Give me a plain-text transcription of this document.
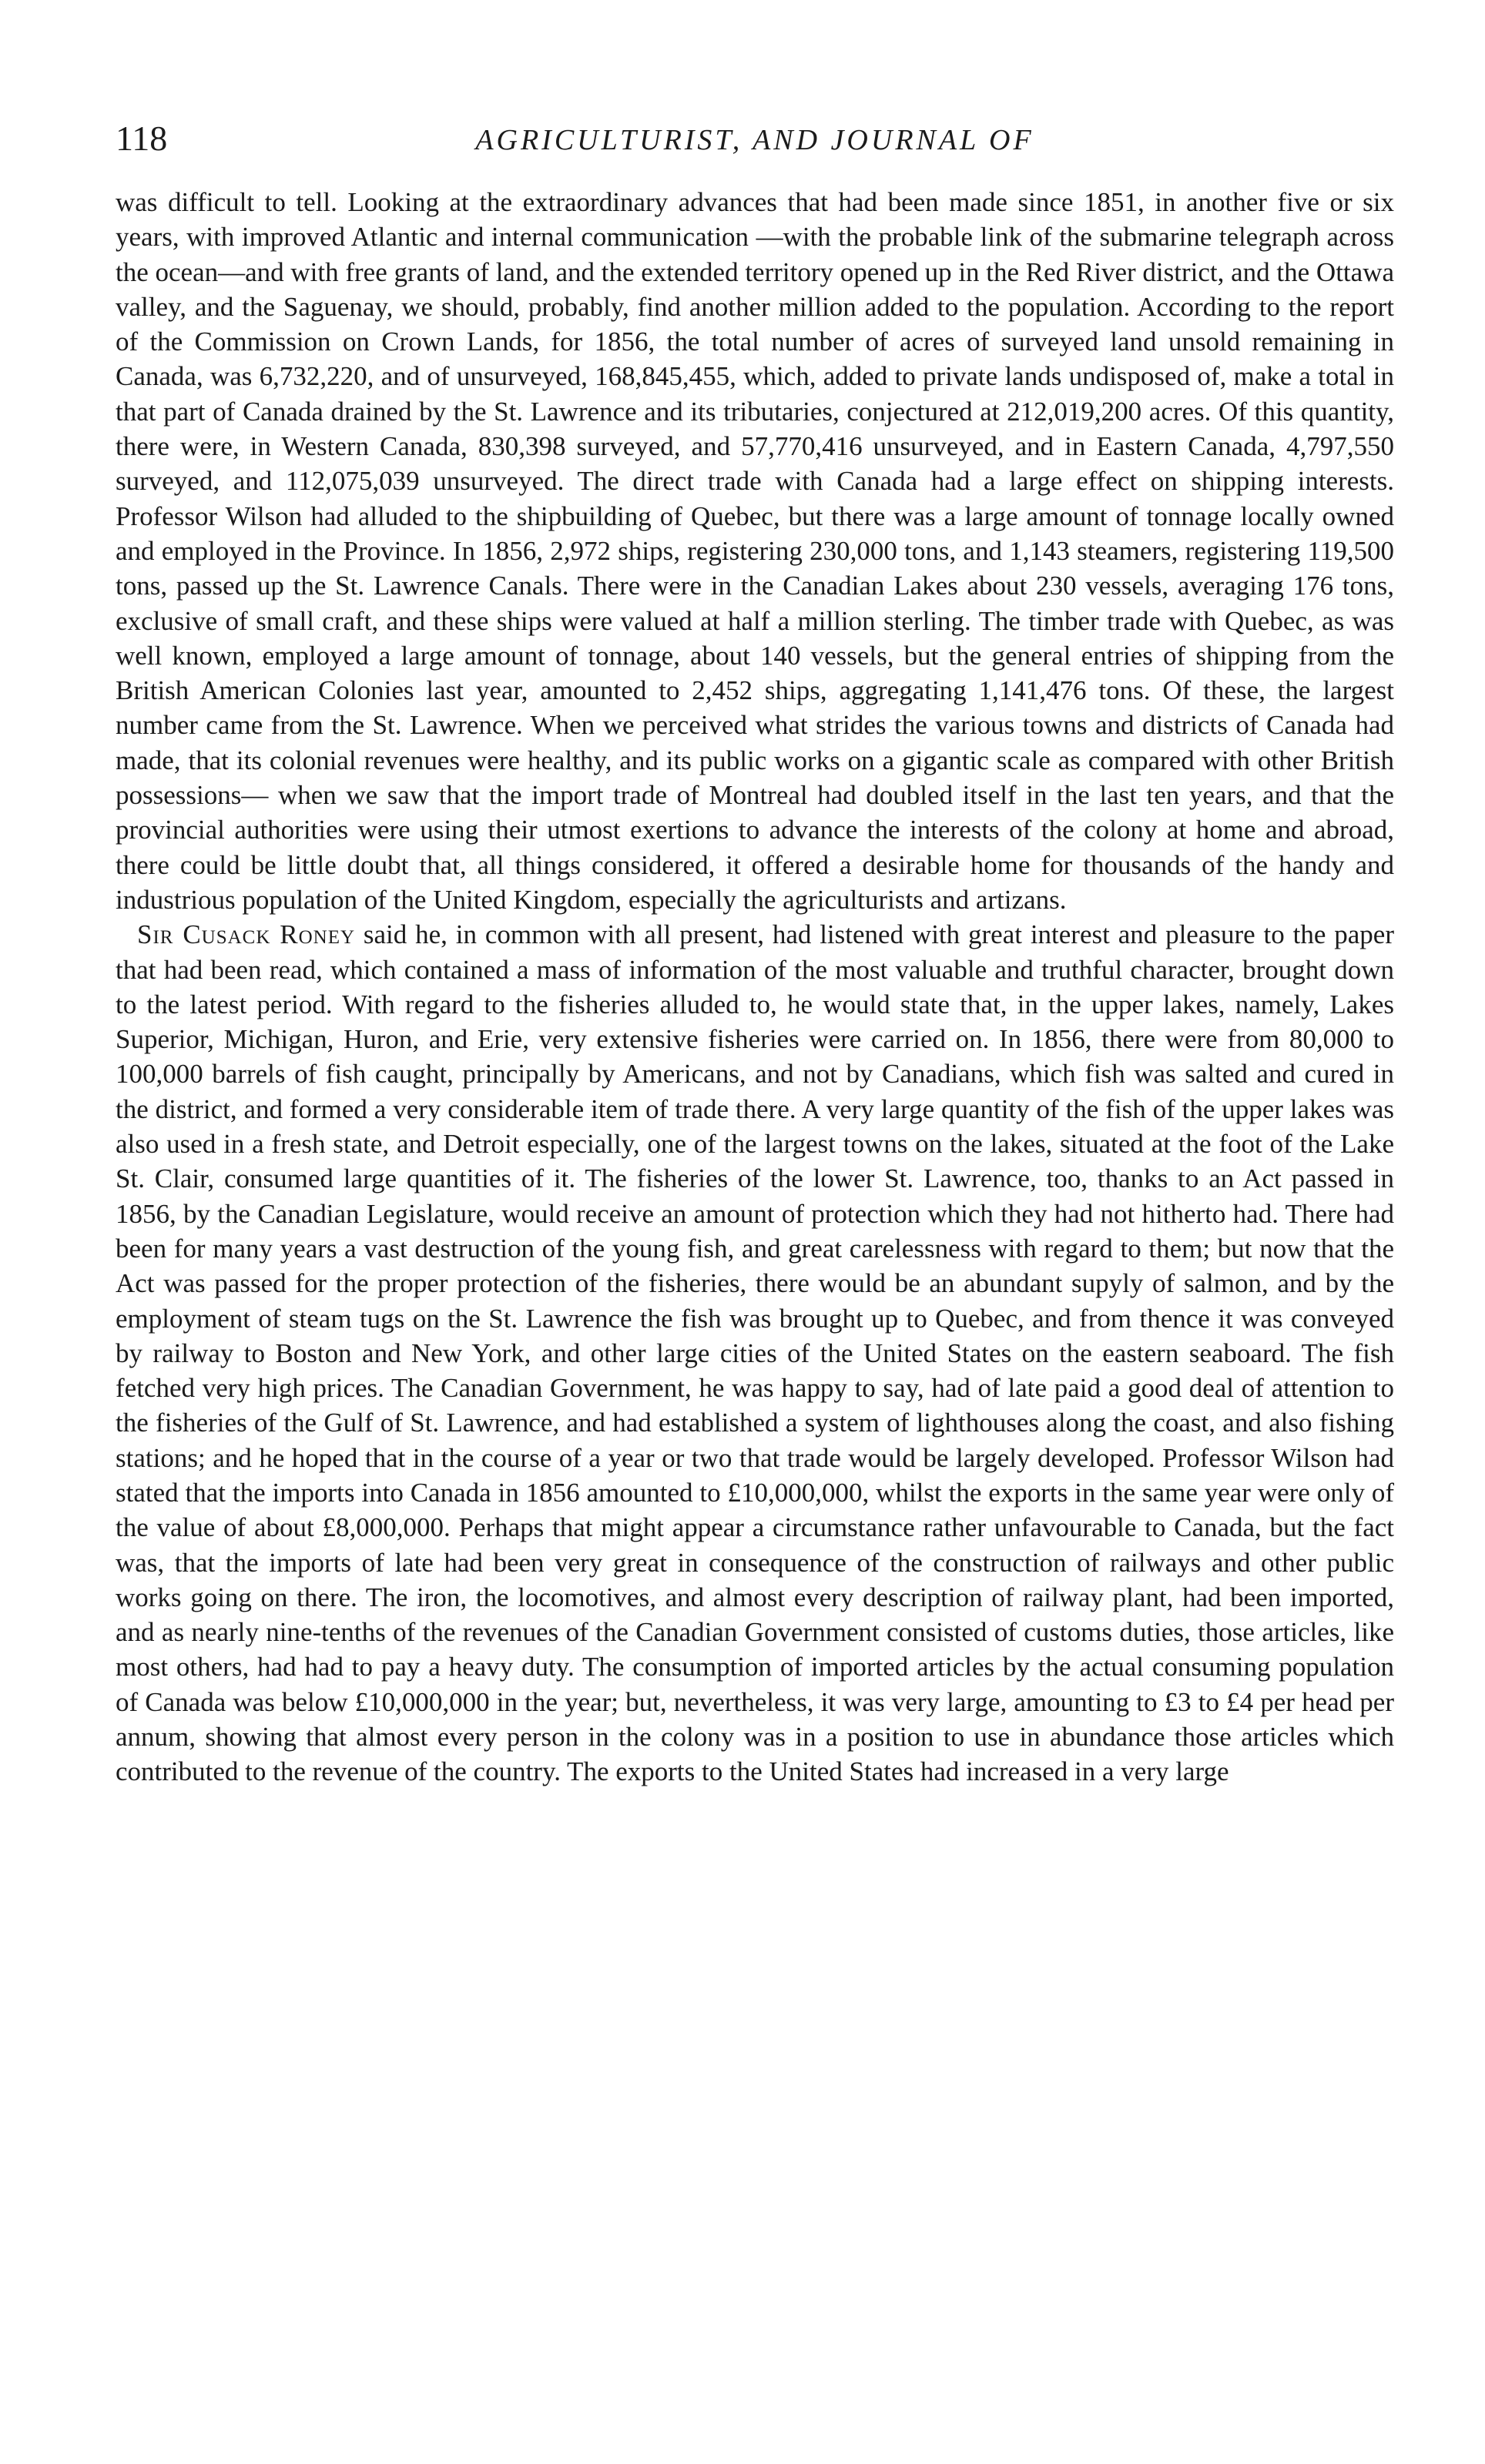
118	AGRICULTURIST, AND JOURNAL OF

was difficult to tell. Looking at the extraordinary advances that had been made since 1851, in another five or six years, with improved Atlantic and internal communication —with the probable link of the submarine telegraph across the ocean—and with free grants of land, and the extended territory opened up in the Red River district, and the Ottawa valley, and the Saguenay, we should, probably, find another million added to the population. According to the report of the Commission on Crown Lands, for 1856, the total number of acres of surveyed land unsold remaining in Canada, was 6,732,220, and of unsurveyed, 168,845,455, which, added to private lands undisposed of, make a total in that part of Canada drained by the St. Lawrence and its tributaries, conjectured at 212,019,200 acres. Of this quantity, there were, in Western Canada, 830,398 surveyed, and 57,770,416 unsurveyed, and in Eastern Canada, 4,797,550 surveyed, and 112,075,039 unsurveyed. The direct trade with Canada had a large effect on shipping interests. Professor Wilson had alluded to the shipbuilding of Quebec, but there was a large amount of tonnage locally owned and employed in the Province. In 1856, 2,972 ships, registering 230,000 tons, and 1,143 steamers, registering 119,500 tons, passed up the St. Lawrence Canals. There were in the Canadian Lakes about 230 vessels, averaging 176 tons, exclusive of small craft, and these ships were valued at half a million sterling. The timber trade with Quebec, as was well known, employed a large amount of tonnage, about 140 vessels, but the general entries of shipping from the British American Colonies last year, amounted to 2,452 ships, aggregating 1,141,476 tons. Of these, the largest number came from the St. Lawrence. When we perceived what strides the various towns and districts of Canada had made, that its colonial revenues were healthy, and its public works on a gigantic scale as compared with other British possessions— when we saw that the import trade of Montreal had doubled itself in the last ten years, and that the provincial authorities were using their utmost exertions to advance the interests of the colony at home and abroad, there could be little doubt that, all things considered, it offered a desirable home for thousands of the handy and industrious population of the United Kingdom, especially the agriculturists and artizans.

Sir Cusack Roney said he, in common with all present, had listened with great interest and pleasure to the paper that had been read, which contained a mass of information of the most valuable and truthful character, brought down to the latest period. With regard to the fisheries alluded to, he would state that, in the upper lakes, namely, Lakes Superior, Michigan, Huron, and Erie, very extensive fisheries were carried on. In 1856, there were from 80,000 to 100,000 barrels of fish caught, principally by Americans, and not by Canadians, which fish was salted and cured in the district, and formed a very considerable item of trade there. A very large quantity of the fish of the upper lakes was also used in a fresh state, and Detroit especially, one of the largest towns on the lakes, situated at the foot of the Lake St. Clair, consumed large quantities of it. The fisheries of the lower St. Lawrence, too, thanks to an Act passed in 1856, by the Canadian Legislature, would receive an amount of protection which they had not hitherto had. There had been for many years a vast destruction of the young fish, and great carelessness with regard to them; but now that the Act was passed for the proper protection of the fisheries, there would be an abundant supyly of salmon, and by the employment of steam tugs on the St. Lawrence the fish was brought up to Quebec, and from thence it was conveyed by railway to Boston and New York, and other large cities of the United States on the eastern seaboard. The fish fetched very high prices. The Canadian Government, he was happy to say, had of late paid a good deal of attention to the fisheries of the Gulf of St. Lawrence, and had established a system of lighthouses along the coast, and also fishing stations; and he hoped that in the course of a year or two that trade would be largely developed. Professor Wilson had stated that the imports into Canada in 1856 amounted to £10,000,000, whilst the exports in the same year were only of the value of about £8,000,000. Perhaps that might appear a circumstance rather unfavourable to Canada, but the fact was, that the imports of late had been very great in consequence of the construction of railways and other public works going on there. The iron, the locomotives, and almost every description of railway plant, had been imported, and as nearly nine-tenths of the revenues of the Canadian Government consisted of customs duties, those articles, like most others, had had to pay a heavy duty. The consumption of imported articles by the actual consuming population of Canada was below £10,000,000 in the year; but, nevertheless, it was very large, amounting to £3 to £4 per head per annum, showing that almost every person in the colony was in a position to use in abundance those articles which contributed to the revenue of the country. The exports to the United States had increased in a very large
